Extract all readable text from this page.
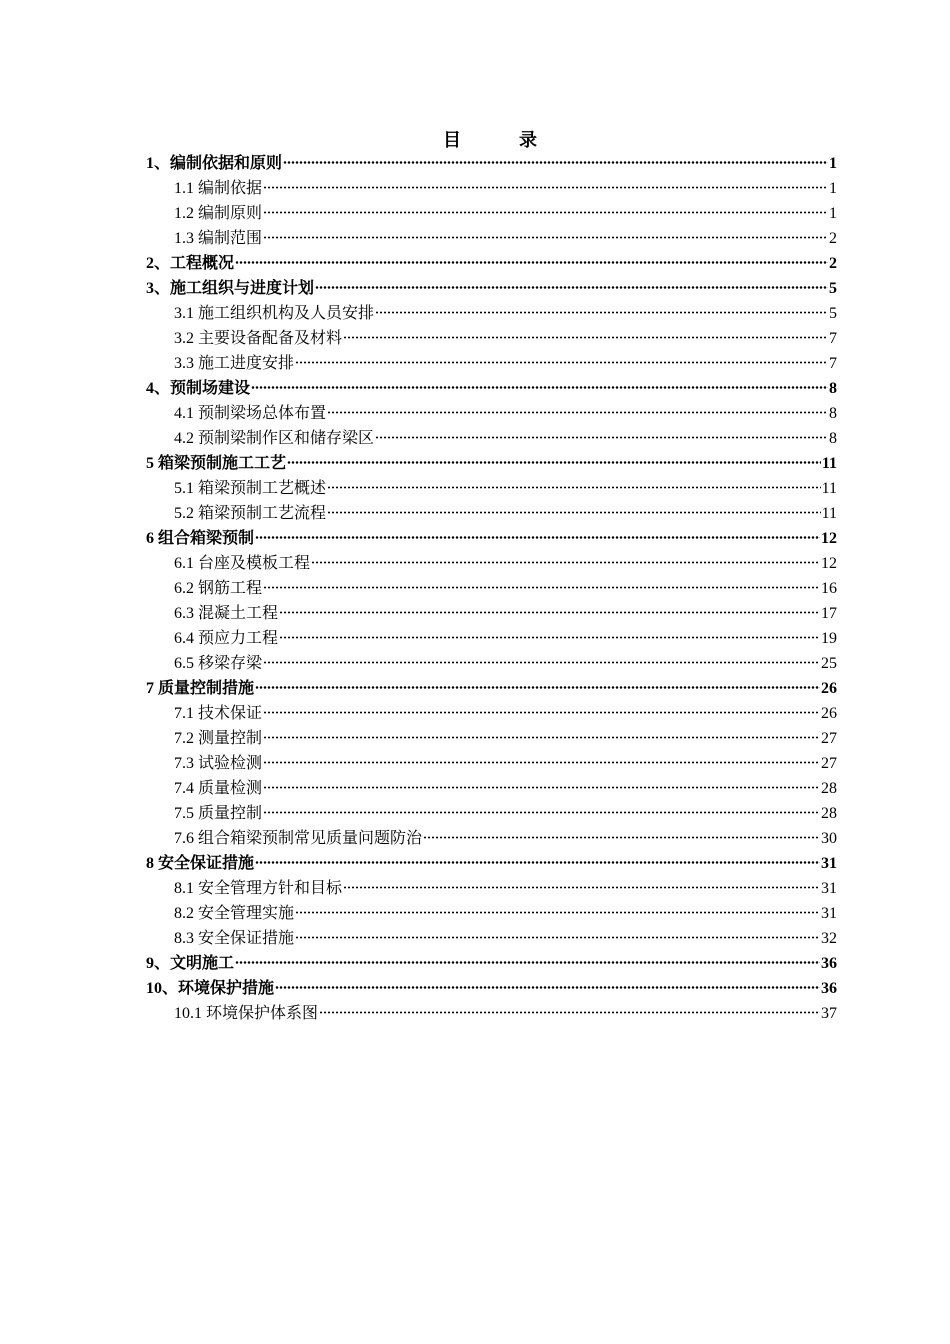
目	录
1、编制依据和原则	1
1.1 编制依据	1
1.2 编制原则	1
1.3 编制范围	2
2、工程概况	2
3、施工组织与进度计划	5
3.1 施工组织机构及人员安排	5
3.2 主要设备配备及材料	7
3.3 施工进度安排	7
4、预制场建设	8
4.1 预制梁场总体布置	8
4.2 预制梁制作区和储存梁区	8
5 箱梁预制施工工艺	11
5.1 箱梁预制工艺概述	11
5.2 箱梁预制工艺流程	11
6 组合箱梁预制	12
6.1 台座及模板工程	12
6.2 钢筋工程	16
6.3 混凝土工程	17
6.4 预应力工程	19
6.5 移梁存梁	25
7 质量控制措施	26
7.1 技术保证	26
7.2 测量控制	27
7.3 试验检测	27
7.4 质量检测	28
7.5 质量控制	28
7.6 组合箱梁预制常见质量问题防治	30
8 安全保证措施	31
8.1 安全管理方针和目标	31
8.2 安全管理实施	31
8.3 安全保证措施	32
9、文明施工	36
10、环境保护措施	36
10.1 环境保护体系图	37
